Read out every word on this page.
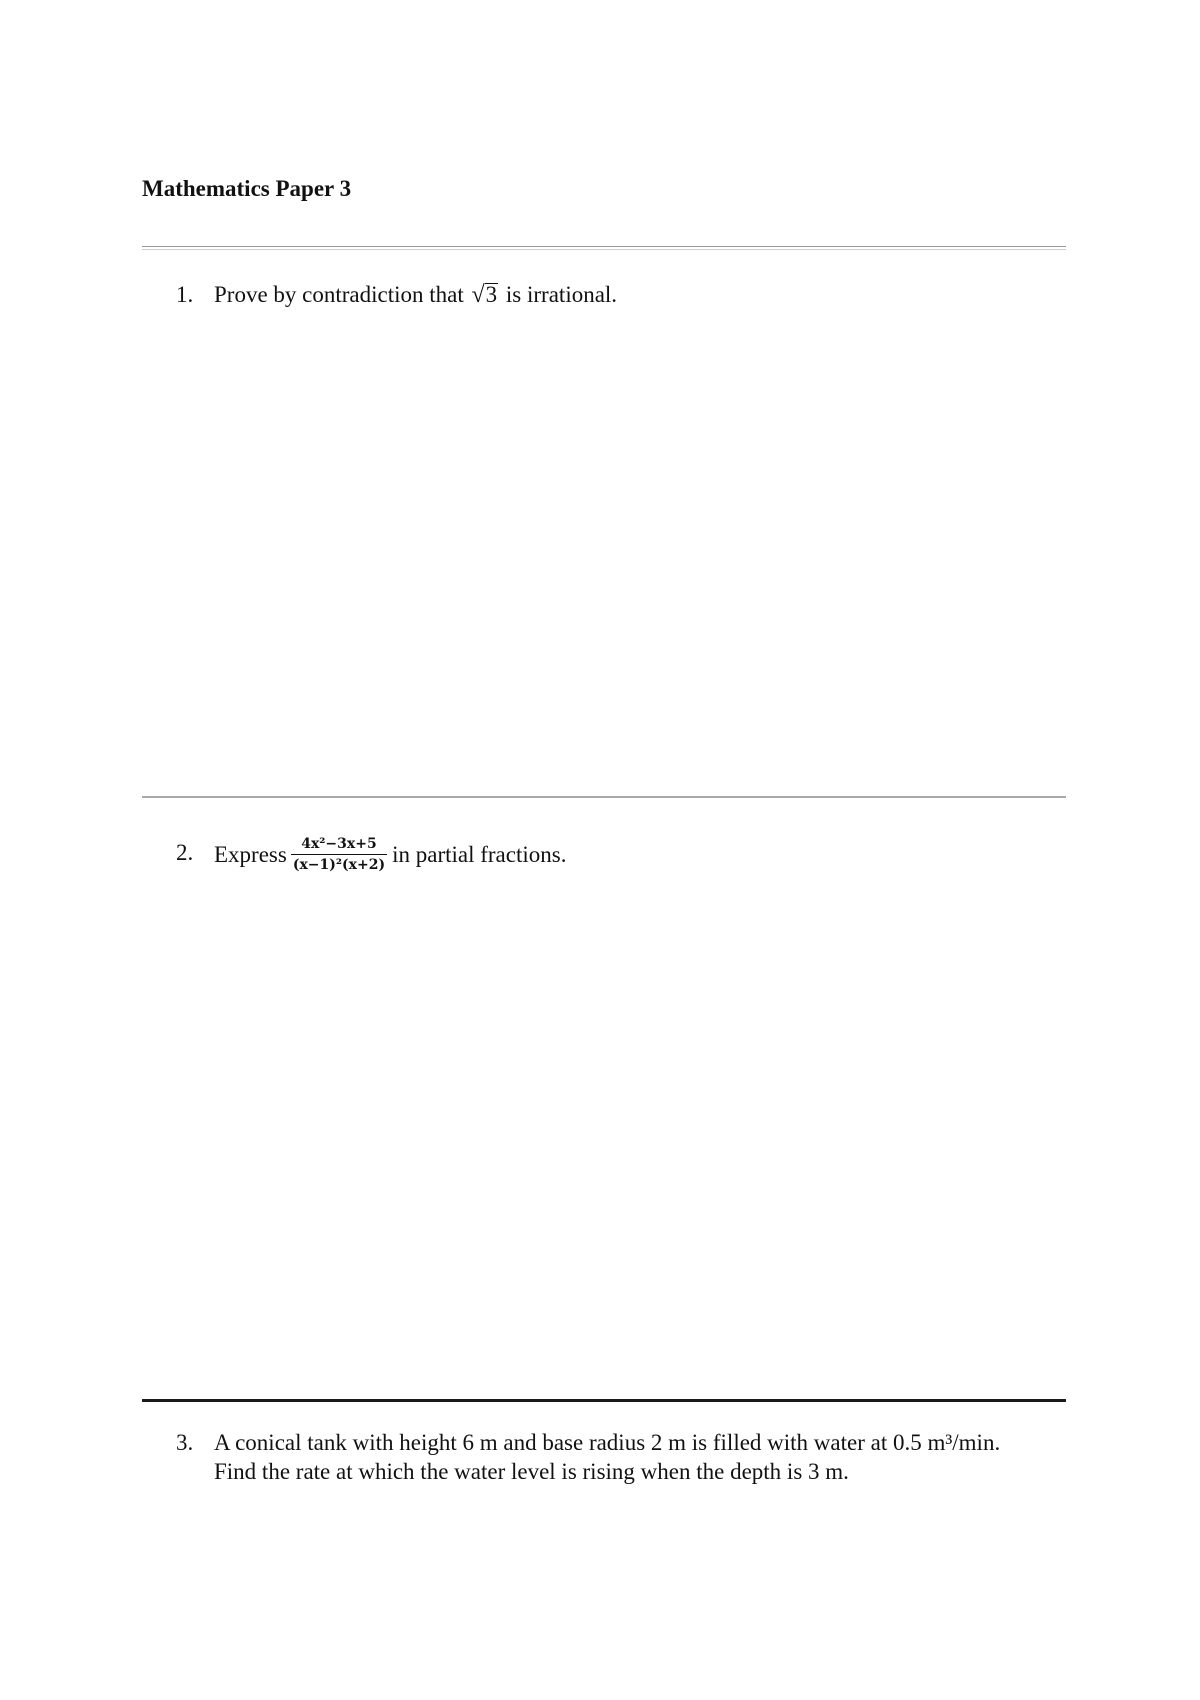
Mathematics Paper 3
1. Prove by contradiction that √3 is irrational.
2. Express $\frac{\text{4x²−3x+5}}{\text{(x−1)²(x+2)}}$ in partial fractions.
3. A conical tank with height 6 m and base radius 2 m is filled with water at 0.5 m³/min.
Find the rate at which the water level is rising when the depth is 3 m.
